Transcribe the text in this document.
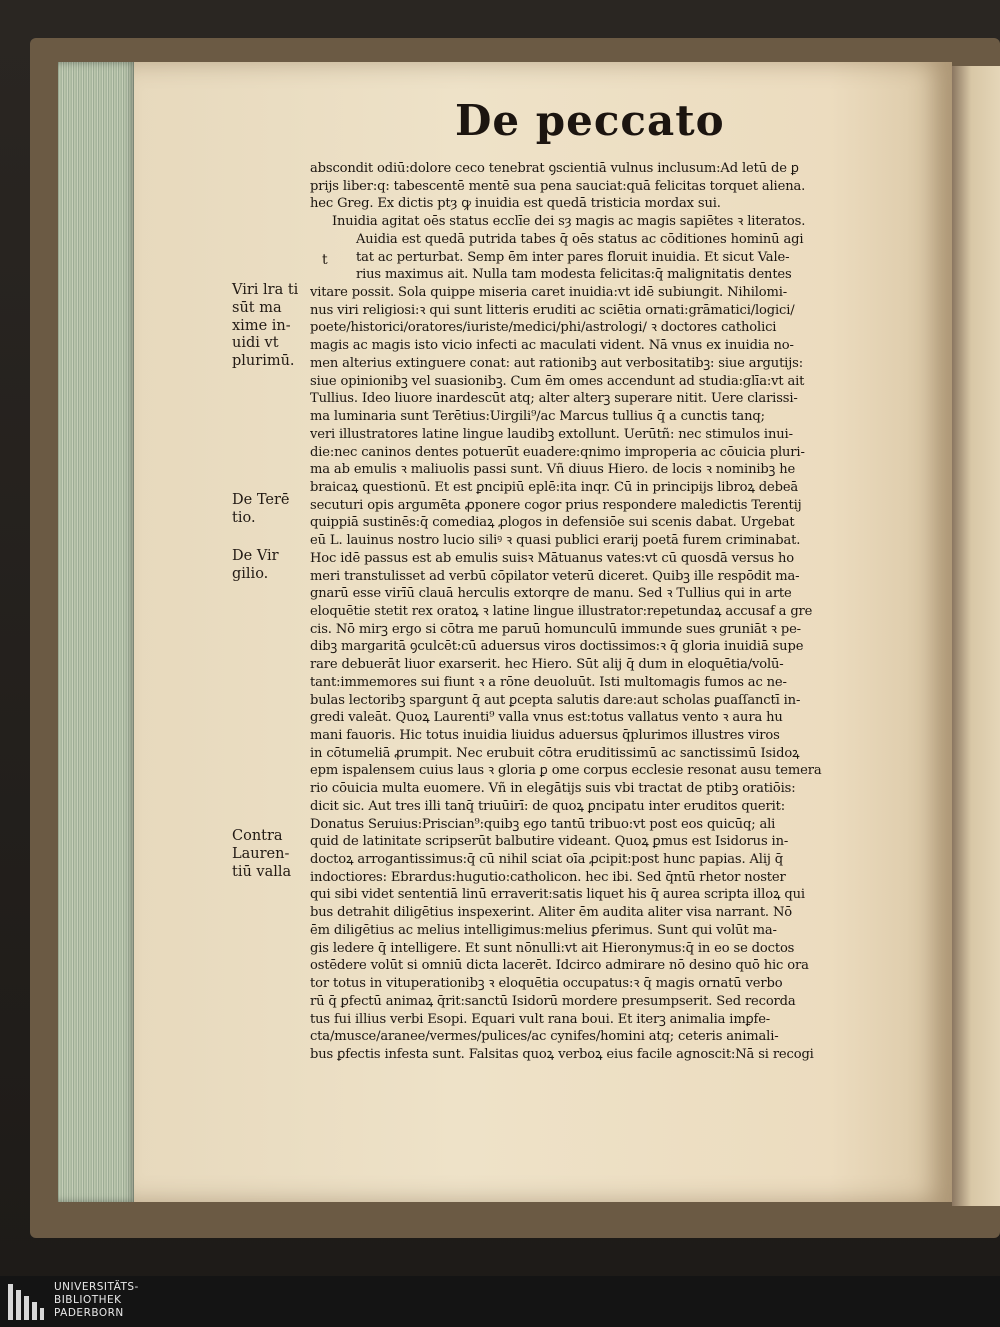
De peccato
Viri lra ti sūt ma xime in- uidi vt plurimū.
De Terē tio.
De Vir gilio.
Contra Lauren- tiū valla
t
abscondit odiū:dolore ceco tenebrat ꝯscientiā vulnus inclusum:Ad letū de ꝑ
prijs liber:q: tabescentē mentē sua pena sauciat:quā felicitas torquet aliena.
hec Greg. Ex dictis ptȝ ꝙ inuidia est quedā tristicia mordax sui.
Inuidia agitat oēs status ecclīe dei sȝ magis ac magis sapiētes ꝛ literatos.
Auidia est quedā putrida tabes q̄ oēs status ac cōditiones hominū agi
tat ac perturbat. Semp ēm inter pares floruit inuidia. Et sicut Vale-
rius maximus ait. Nulla tam modesta felicitas:q̄ malignitatis dentes
vitare possit. Sola quippe miseria caret inuidia:vt idē subiungit. Nihilomi-
nus viri religiosi:ꝛ qui sunt litteris eruditi ac sciētia ornati:grāmatici/logici/
poete/historici/oratores/iuriste/medici/phi/astrologi/ ꝛ doctores catholici
magis ac magis isto vicio infecti ac maculati vident. Nā vnus ex inuidia no-
men alterius extinguere conat: aut rationibꝫ aut verbositatibꝫ: siue argutijs:
siue opinionibꝫ vel suasionibꝫ. Cum ēm omes accendunt ad studia:glīa:vt ait
Tullius. Ideo liuore inardescūt atq; alter alterꝫ superare nitit. Uere clarissi-
ma luminaria sunt Terētius:Uirgili⁹/ac Marcus tullius q̄ a cunctis tanq;
veri illustratores latine lingue laudibꝫ extollunt. Uerūtñ: nec stimulos inui-
die:nec caninos dentes potuerūt euadere:qnimo improperia ac cōuicia pluri-
ma ab emulis ꝛ maliuolis passi sunt. Vñ diuus Hiero. de locis ꝛ nominibꝫ he
braicaꝝ questionū. Et est ꝑncipiū eplē:ita inqr. Cū in principijs libroꝝ debeā
secuturi opis argumēta ꝓponere cogor prius respondere maledictis Terentij
quippiā sustinēs:q̄ comediaꝝ ꝓlogos in defensiōe sui scenis dabat. Urgebat
eū L. lauinus nostro lucio siliꝰ ꝛ quasi publici erarij poetā furem criminabat.
Hoc idē passus est ab emulis suisꝛ Mātuanus vates:vt cū quosdā versus ho
meri transtulisset ad verbū cōpilator veterū diceret. Quibꝫ ille respōdit ma-
gnarū esse virīū clauā herculis extorqre de manu. Sed ꝛ Tullius qui in arte
eloquētie stetit rex oratoꝝ ꝛ latine lingue illustrator:repetundaꝝ accusaf a gre
cis. Nō mirꝫ ergo si cōtra me paruū homunculū immunde sues gruniāt ꝛ pe-
dibꝫ margaritā ꝯculcēt:cū aduersus viros doctissimos:ꝛ q̄ gloria inuidiā supe
rare debuerāt liuor exarserit. hec Hiero. Sūt alij q̄ dum in eloquētia/volū-
tant:immemores sui fiunt ꝛ a rōne deuoluūt. Isti multomagis fumos ac ne-
bulas lectoribꝫ spargunt q̄ aut ꝑcepta salutis dare:aut scholas ꝑuaſſanctī in-
gredi valeāt. Quoꝝ Laurenti⁹ valla vnus est:totus vallatus vento ꝛ aura hu
mani fauoris. Hic totus inuidia liuidus aduersus q̄plurimos illustres viros
in cōtumeliā ꝓrumpit. Nec erubuit cōtra eruditissimū ac sanctissimū Isidoꝝ
epm ispalensem cuius laus ꝛ gloria ꝑ ome corpus ecclesie resonat ausu temera
rio cōuicia multa euomere. Vñ in elegātijs suis vbi tractat de ptibꝫ oratiōis:
dicit sic. Aut tres illi tanq̄ triuūirī: de quoꝝ ꝑncipatu inter eruditos querit:
Donatus Seruius:Priscian⁹:quibꝫ ego tantū tribuo:vt post eos quicūq; ali
quid de latinitate scripserūt balbutire videant. Quoꝝ ꝑmus est Isidorus in-
doctoꝝ arrogantissimus:q̄ cū nihil sciat oīa ꝓcipit:post hunc papias. Alij q̄
indoctiores: Ebrardus:hugutio:catholicon. hec ibi. Sed q̄ntū rhetor noster
qui sibi videt sententiā linū erraverit:satis liquet his q̄ aurea scripta illoꝝ qui
bus detrahit diligētius inspexerint. Aliter ēm audita aliter visa narrant. Nō
ēm diligētius ac melius intelligimus:melius ꝑferimus. Sunt qui volūt ma-
gis ledere q̄ intelligere. Et sunt nōnulli:vt ait Hieronymus:q̄ in eo se doctos
ostēdere volūt si omniū dicta lacerēt. Idcirco admirare nō desino quō hic ora
tor totus in vituperationibꝫ ꝛ eloquētia occupatus:ꝛ q̄ magis ornatū verbo
rū q̄ ꝑfectū animaꝝ q̄rit:sanctū Isidorū mordere presumpserit. Sed recorda
tus fui illius verbi Esopi. Equari vult rana boui. Et iterꝫ animalia imꝑfe-
cta/musce/aranee/vermes/pulices/ac cynifes/homini atq; ceteris animali-
bus ꝑfectis infesta sunt. Falsitas quoꝝ verboꝝ eius facile agnoscit:Nā si recogi
UNIVERSITÄTS-
BIBLIOTHEK
PADERBORN
